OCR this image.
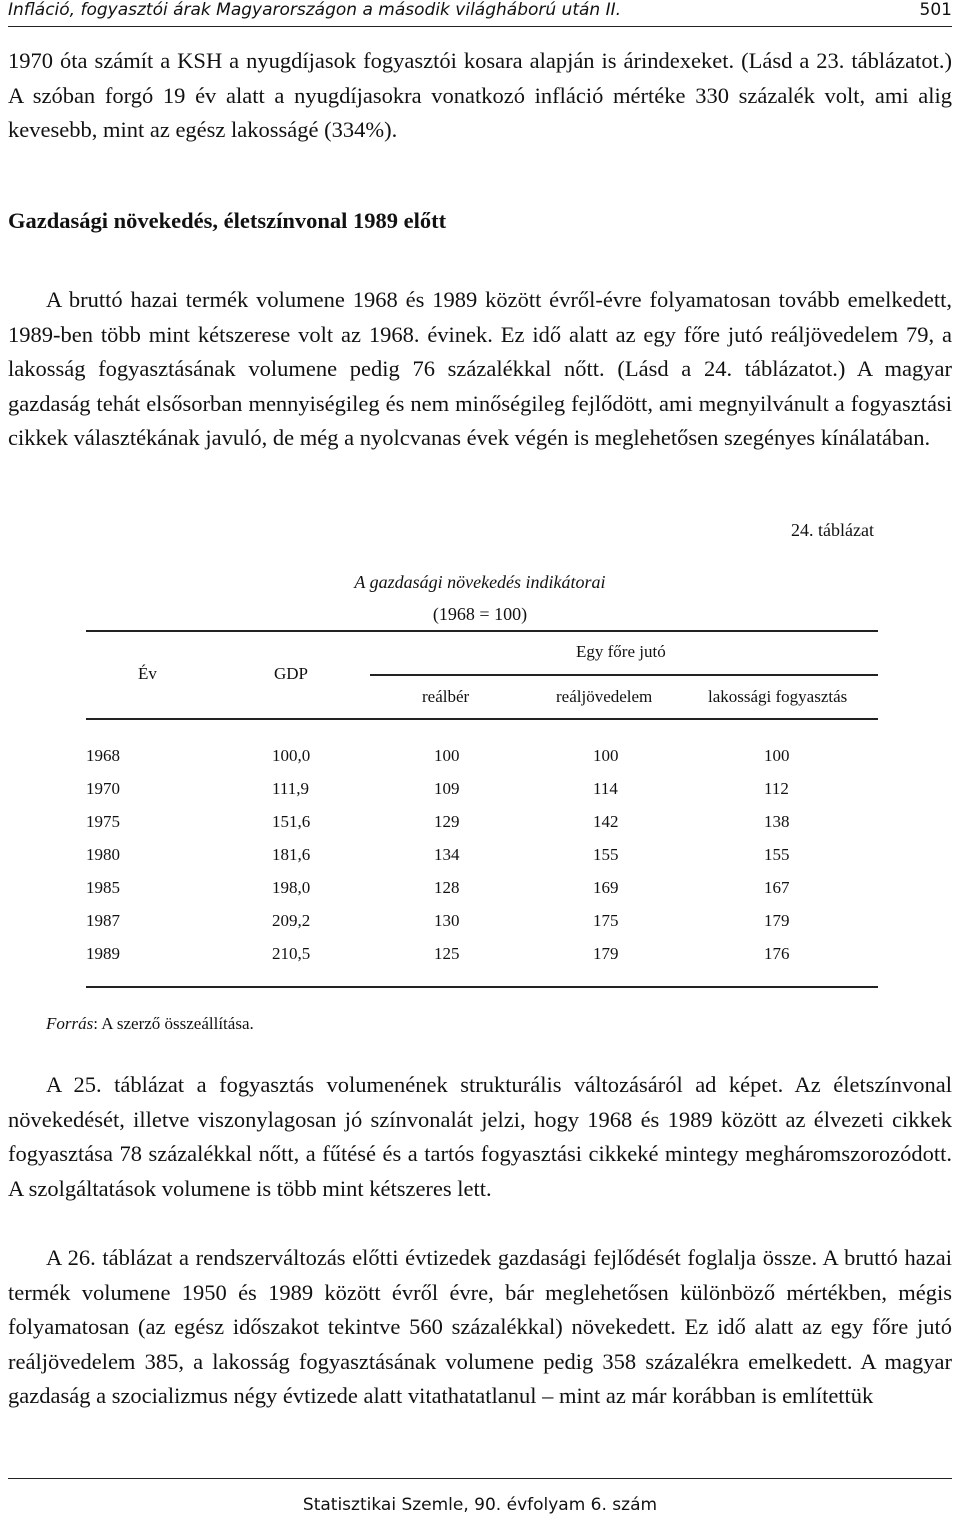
Infláció, fogyasztói árak Magyarországon a második világháború után II.	501

1970 óta számít a KSH a nyugdíjasok fogyasztói kosara alapján is árindexeket. (Lásd a 23. táblázatot.) A szóban forgó 19 év alatt a nyugdíjasokra vonatkozó infláció mértéke 330 százalék volt, ami alig kevesebb, mint az egész lakosságé (334%).

Gazdasági növekedés, életszínvonal 1989 előtt

A bruttó hazai termék volumene 1968 és 1989 között évről-évre folyamatosan tovább emelkedett, 1989-ben több mint kétszerese volt az 1968. évinek. Ez idő alatt az egy főre jutó reáljövedelem 79, a lakosság fogyasztásának volumene pedig 76 százalékkal nőtt. (Lásd a 24. táblázatot.) A magyar gazdaság tehát elsősorban mennyiségileg és nem minőségileg fejlődött, ami megnyilvánult a fogyasztási cikkek választékának javuló, de még a nyolcvanas évek végén is meglehetősen szegényes kínálatában.

24. táblázat
A gazdasági növekedés indikátorai
(1968 = 100)
Év	GDP
Egy főre jutó
reálbér	reáljövedelem	lakossági fogyasztás
1968	100,0	100	100	100
1970	111,9	109	114	112
1975	151,6	129	142	138
1980	181,6	134	155	155
1985	198,0	128	169	167
1987	209,2	130	175	179
1989	210,5	125	179	176
Forrás: A szerző összeállítása.

A 25. táblázat a fogyasztás volumenének strukturális változásáról ad képet. Az életszínvonal növekedését, illetve viszonylagosan jó színvonalát jelzi, hogy 1968 és 1989 között az élvezeti cikkek fogyasztása 78 százalékkal nőtt, a fűtésé és a tartós fogyasztási cikkeké mintegy megháromszorozódott. A szolgáltatások volumene is több mint kétszeres lett.

A 26. táblázat a rendszerváltozás előtti évtizedek gazdasági fejlődését foglalja össze. A bruttó hazai termék volumene 1950 és 1989 között évről évre, bár meglehetősen különböző mértékben, mégis folyamatosan (az egész időszakot tekintve 560 százalékkal) növekedett. Ez idő alatt az egy főre jutó reáljövedelem 385, a lakosság fogyasztásának volumene pedig 358 százalékra emelkedett. A magyar gazdaság a szocializmus négy évtizede alatt vitathatatlanul – mint az már korábban is említettük

Statisztikai Szemle, 90. évfolyam 6. szám
